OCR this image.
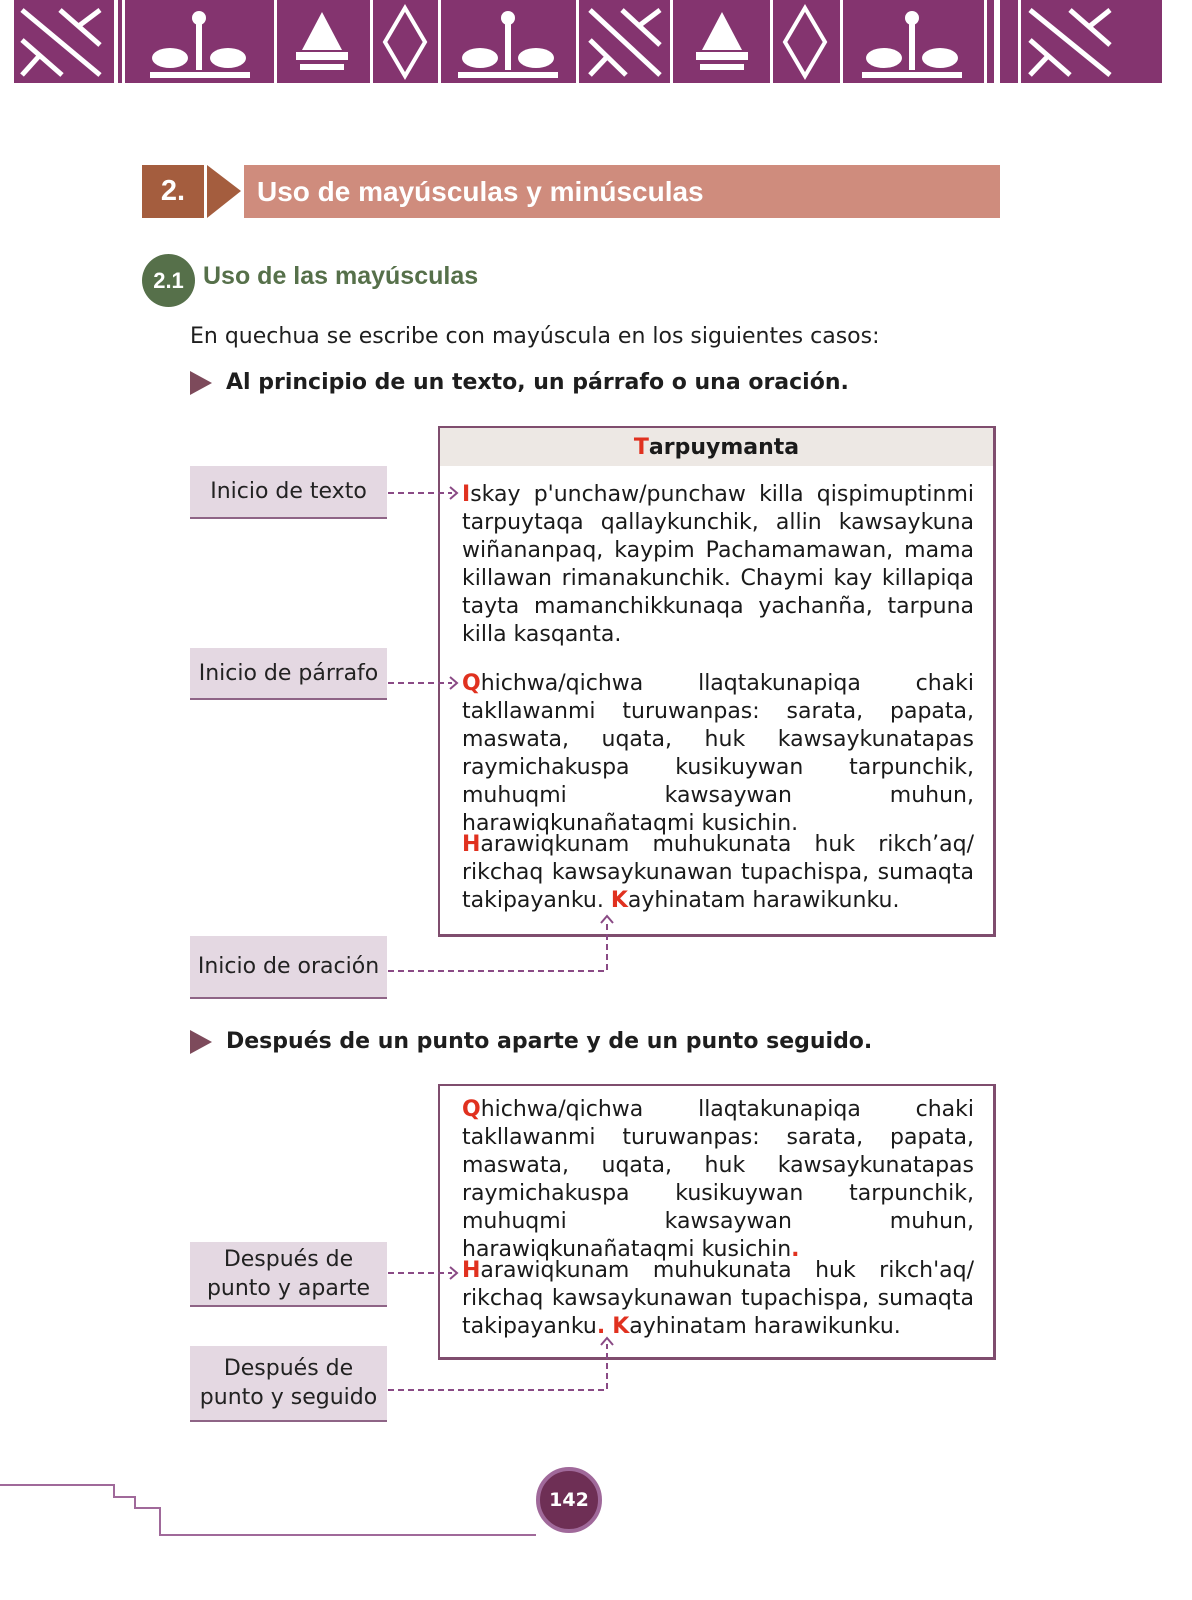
2.	Uso de mayúsculas y minúsculas
2.1 Uso de las mayúsculas
En quechua se escribe con mayúscula en los siguientes casos:
Al principio de un texto, un párrafo o una oración.
Inicio de texto
Inicio de párrafo
Inicio de oración
T arpuymanta
Iskay p'unchaw/punchaw killa qispimuptinmi tarpuytaqa qallaykunchik, allin kawsaykuna wiñananpaq, kaypim Pachamamawan, mama killawan rimanakunchik. Chaymi kay killapiqa tayta mamanchikkunaqa yachanña, tarpuna killa kasqanta.
Qhichwa/qichwa llaqtakunapiqa chaki takllawanmi turuwanpas: sarata, papata, maswata, uqata, huk kawsaykunatapas raymichakuspa kusikuywan tarpunchik, muhuqmi kawsaywan muhun, harawiqkunañataqmi kusichin.
Harawiqkunam muhukunata huk rikch’aq/ rikchaq kawsaykunawan tupachispa, sumaqta takipayanku. Kayhinatam harawikunku.
Después de un punto aparte y de un punto seguido.
Después de
punto y aparte
Después de
punto y seguido
Qhichwa/qichwa llaqtakunapiqa chaki takllawanmi turuwanpas: sarata, papata, maswata, uqata, huk kawsaykunatapas raymichakuspa kusikuywan tarpunchik, muhuqmi kawsaywan muhun, harawiqkunañataqmi kusichin.
Harawiqkunam muhukunata huk rikch'aq/ rikchaq kawsaykunawan tupachispa, sumaqta takipayanku. Kayhinatam harawikunku.
142
